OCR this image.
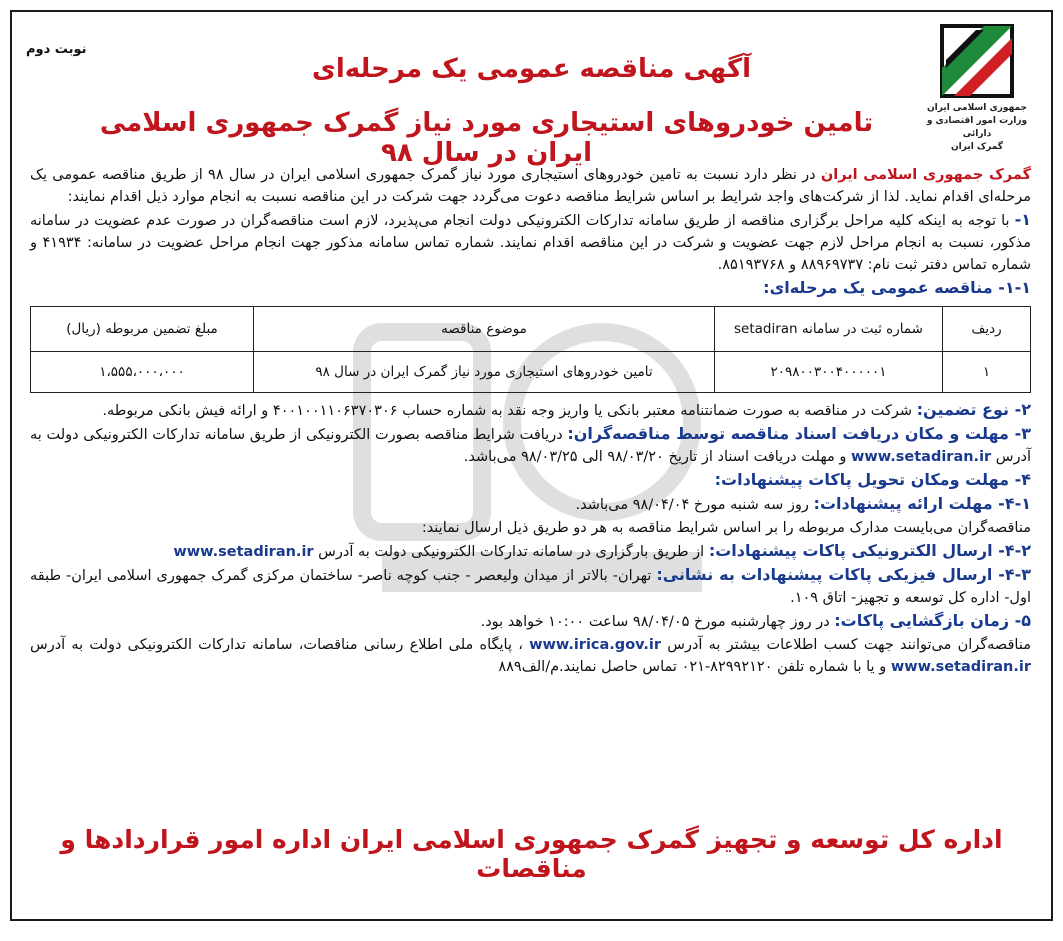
جمهوری اسلامی ایران
وزارت امور اقتصادی و دارائی
گمرک ایران
نوبت دوم
آگهی مناقصه عمومی یک مرحله‌ای
تامین خودروهای استیجاری مورد نیاز گمرک جمهوری اسلامی ایران در سال ۹۸

گمرک جمهوری اسلامی ایران در نظر دارد نسبت به تامین خودروهای استیجاری مورد نیاز گمرک جمهوری اسلامی ایران در سال ۹۸ از طریق مناقصه عمومی یک مرحله‌ای اقدام نماید. لذا از شرکت‌های واجد شرایط بر اساس شرایط مناقصه دعوت می‌گردد جهت شرکت در این مناقصه نسبت به انجام موارد ذیل اقدام نمایند:

۱- با توجه به اینکه کلیه مراحل برگزاری مناقصه از طریق سامانه تدارکات الکترونیکی دولت انجام می‌پذیرد، لازم است مناقصه‌گران در صورت عدم عضویت در سامانه مذکور، نسبت به انجام مراحل لازم جهت عضویت و شرکت در این مناقصه اقدام نمایند. شماره تماس سامانه مذکور جهت انجام مراحل عضویت در سامانه: ۴۱۹۳۴ و شماره تماس دفتر ثبت نام: ۸۸۹۶۹۷۳۷ و ۸۵۱۹۳۷۶۸.

۱-۱- مناقصه عمومی یک مرحله‌ای:

ردیف	شماره ثبت در سامانه setadiran	موضوع مناقصه	مبلغ تضمین مربوطه (ریال)
۱	۲۰۹۸۰۰۳۰۰۴۰۰۰۰۰۱	تامین خودروهای استیجاری مورد نیاز گمرک ایران در سال ۹۸	۱،۵۵۵،۰۰۰،۰۰۰

۲- نوع تضمین: شرکت در مناقصه به صورت ضمانتنامه معتبر بانکی یا واریز وجه نقد به شماره حساب ۴۰۰۱۰۰۱۱۰۶۳۷۰۳۰۶ و ارائه فیش بانکی مربوطه.

۳- مهلت و مکان دریافت اسناد مناقصه توسط مناقصه‌گران: دریافت شرایط مناقصه بصورت الکترونیکی از طریق سامانه تدارکات الکترونیکی دولت به آدرس www.setadiran.ir و مهلت دریافت اسناد از تاریخ ۹۸/۰۳/۲۰ الی ۹۸/۰۳/۲۵ می‌باشد.

۴- مهلت ومکان تحویل پاکات پیشنهادات:

۴-۱- مهلت ارائه پیشنهادات: روز سه شنبه مورخ ۹۸/۰۴/۰۴ می‌باشد.

مناقصه‌گران می‌بایست مدارک مربوطه را بر اساس شرایط مناقصه به هر دو طریق ذیل ارسال نمایند:

۴-۲- ارسال الکترونیکی پاکات پیشنهادات: از طریق بارگزاری در سامانه تدارکات الکترونیکی دولت به آدرس www.setadiran.ir

۴-۳- ارسال فیزیکی پاکات پیشنهادات به نشانی: تهران- بالاتر از میدان ولیعصر - جنب کوچه ناصر- ساختمان مرکزی گمرک جمهوری اسلامی ایران- طبقه اول- اداره کل توسعه و تجهیز- اتاق ۱۰۹.

۵- زمان بازگشایی پاکات: در روز چهارشنبه مورخ ۹۸/۰۴/۰۵ ساعت ۱۰:۰۰ خواهد بود.

مناقصه‌گران می‌توانند جهت کسب اطلاعات بیشتر به آدرس www.irica.gov.ir ، پایگاه ملی اطلاع رسانی مناقصات، سامانه تدارکات الکترونیکی دولت به آدرس www.setadiran.ir و یا با شماره تلفن ۸۲۹۹۲۱۲۰-۰۲۱ تماس حاصل نمایند.م/الف۸۸۹

اداره کل توسعه و تجهیز گمرک جمهوری اسلامی ایران اداره امور قراردادها و مناقصات
